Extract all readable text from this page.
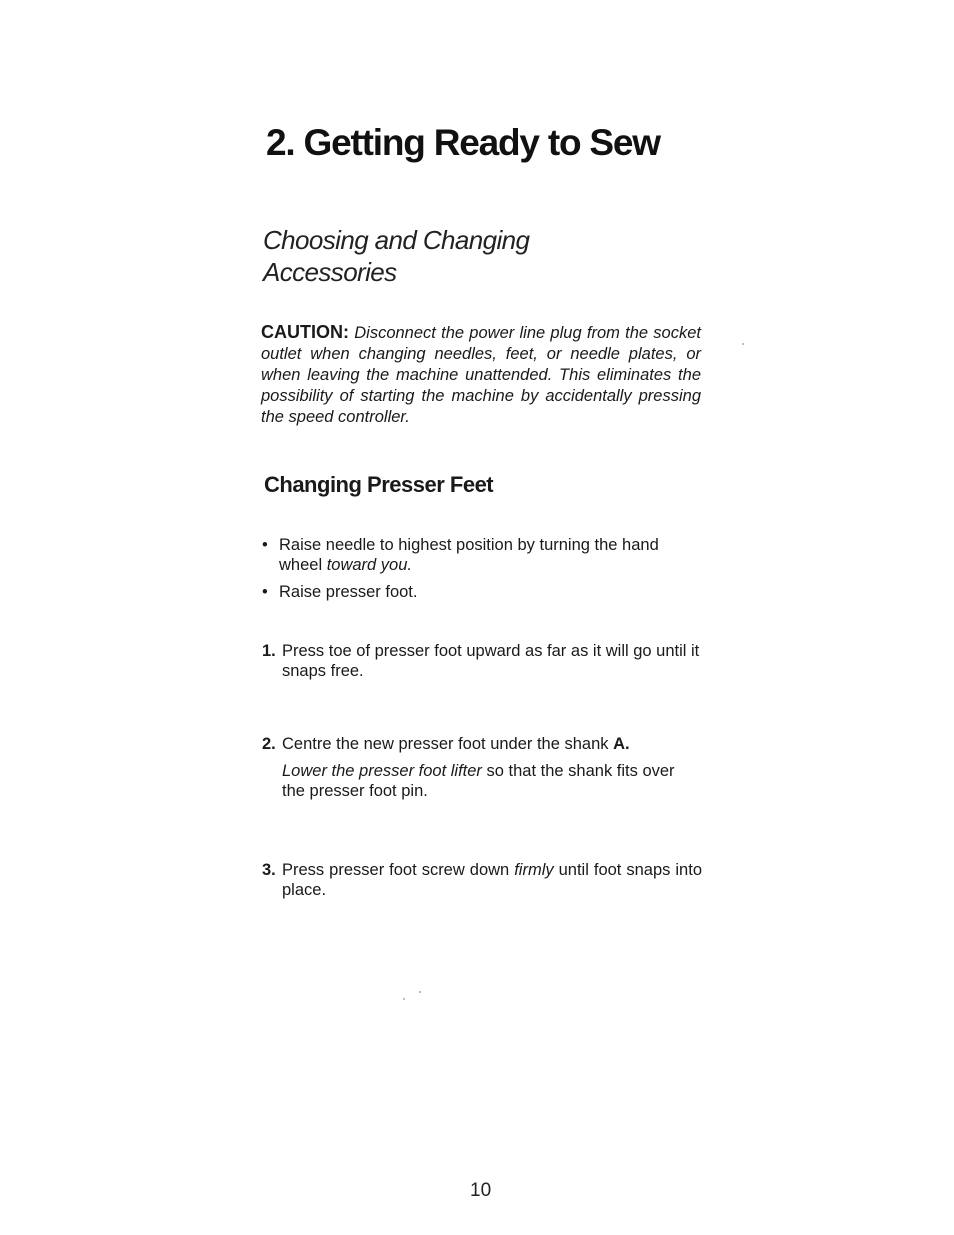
2. Getting Ready to Sew
Choosing and Changing Accessories
CAUTION: Disconnect the power line plug from the socket outlet when changing needles, feet, or needle plates, or when leaving the machine unattended. This eliminates the possibility of starting the machine by accidentally pressing the speed controller.
Changing Presser Feet
• Raise needle to highest position by turning the hand wheel toward you.
• Raise presser foot.
1. Press toe of presser foot upward as far as it will go until it snaps free.
2. Centre the new presser foot under the shank A.
Lower the presser foot lifter so that the shank fits over the presser foot pin.
3. Press presser foot screw down firmly until foot snaps into place.
10
